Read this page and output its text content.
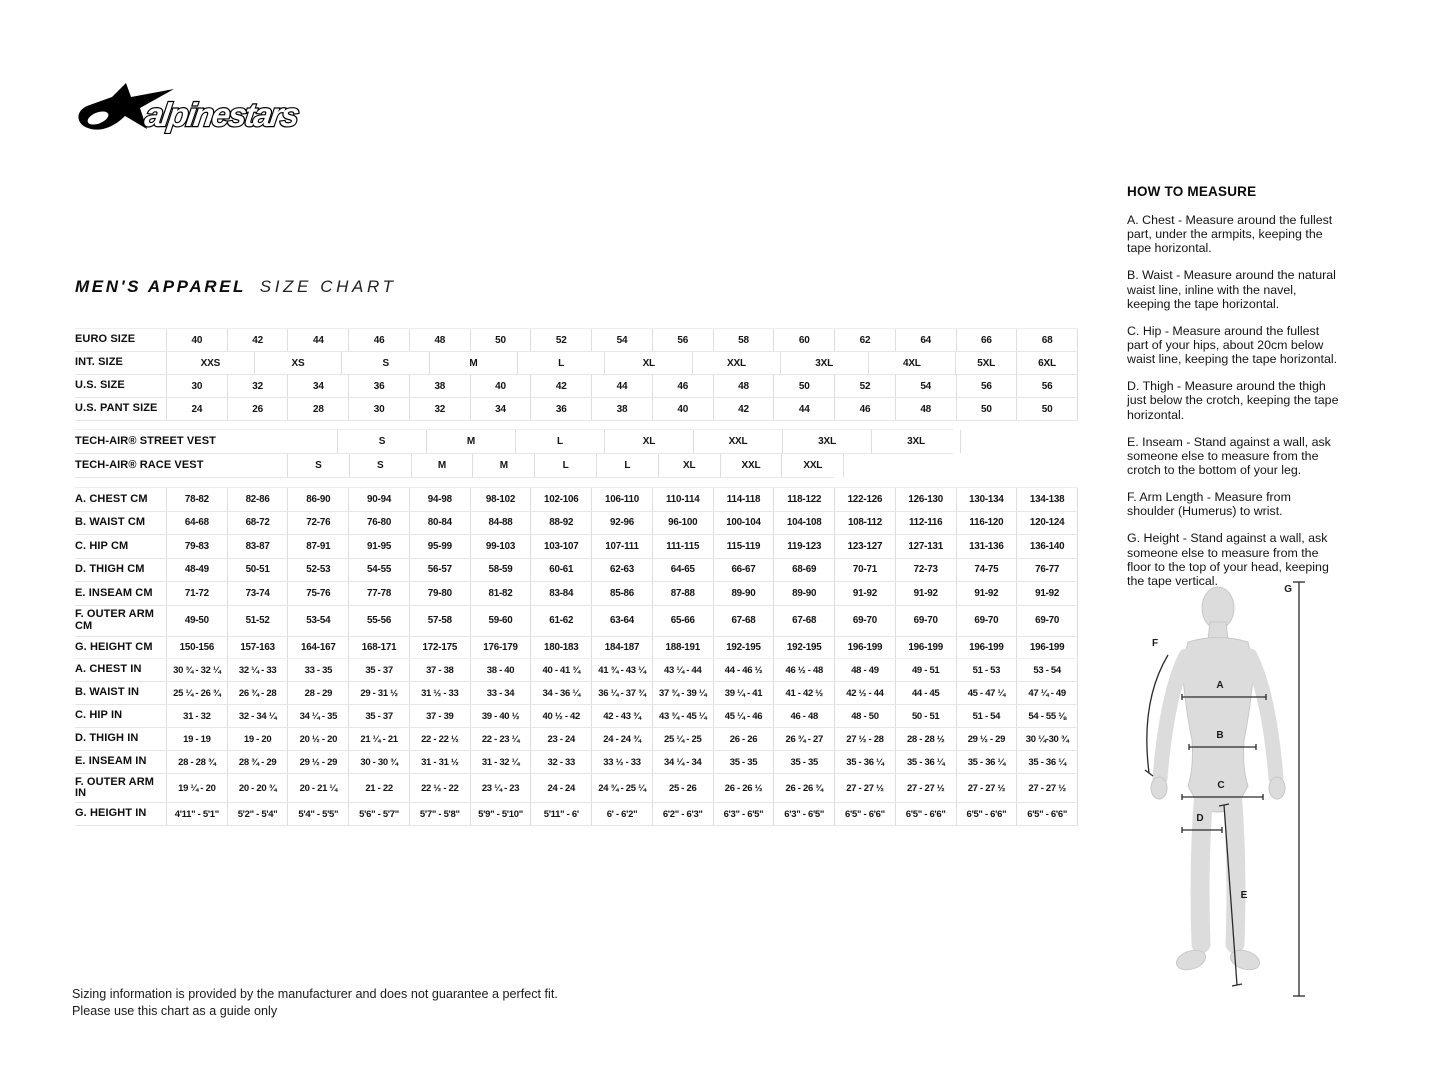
alpinestars
MEN'S APPAREL SIZE CHART
EURO SIZE	40	42	44	46	48	50	52	54	56	58	60	62	64	66	68
INT. SIZE	XXS	XS	S	M	L	XL	XXL	3XL	4XL	5XL	6XL
U.S. SIZE	30	32	34	36	38	40	42	44	46	48	50	52	54	56	56
U.S. PANT SIZE	24	26	28	30	32	34	36	38	40	42	44	46	48	50	50
TECH-AIR® STREET VEST	S	M	L	XL	XXL	3XL	3XL
TECH-AIR® RACE VEST	S	S	M	M	L	L	XL	XXL	XXL
A. CHEST CM	78-82	82-86	86-90	90-94	94-98	98-102	102-106	106-110	110-114	114-118	118-122	122-126	126-130	130-134	134-138
B. WAIST CM	64-68	68-72	72-76	76-80	80-84	84-88	88-92	92-96	96-100	100-104	104-108	108-112	112-116	116-120	120-124
C. HIP CM	79-83	83-87	87-91	91-95	95-99	99-103	103-107	107-111	111-115	115-119	119-123	123-127	127-131	131-136	136-140
D. THIGH CM	48-49	50-51	52-53	54-55	56-57	58-59	60-61	62-63	64-65	66-67	68-69	70-71	72-73	74-75	76-77
E. INSEAM CM	71-72	73-74	75-76	77-78	79-80	81-82	83-84	85-86	87-88	89-90	89-90	91-92	91-92	91-92	91-92
F. OUTER ARM CM	49-50	51-52	53-54	55-56	57-58	59-60	61-62	63-64	65-66	67-68	67-68	69-70	69-70	69-70	69-70
G. HEIGHT CM	150-156	157-163	164-167	168-171	172-175	176-179	180-183	184-187	188-191	192-195	192-195	196-199	196-199	196-199	196-199
A. CHEST IN	30 ¾ - 32 ¼	32 ¼ - 33	33 - 35	35 - 37	37 - 38	38 - 40	40 - 41 ¾	41 ¾ - 43 ¼	43 ¼ - 44	44 - 46 ½	46 ½ - 48	48 - 49	49 - 51	51 - 53	53 - 54
B. WAIST IN	25 ¼ - 26 ¾	26 ¾ - 28	28 - 29	29 - 31 ½	31 ½ - 33	33 - 34	34 - 36 ¼	36 ¼ - 37 ¾	37 ¾ - 39 ¼	39 ¼ - 41	41 - 42 ½	42 ½ - 44	44 - 45	45 - 47 ¼	47 ¼ - 49
C. HIP IN	31 - 32	32 - 34 ¼	34 ¼ - 35	35 - 37	37 - 39	39 - 40 ½	40 ½ - 42	42 - 43 ¾	43 ¾ - 45 ¼	45 ¼ - 46	46 - 48	48 - 50	50 - 51	51 - 54	54 - 55 ⅛
D. THIGH IN	19 - 19	19 - 20	20 ½ - 20	21 ¼ - 21	22 - 22 ½	22 - 23 ¼	23 - 24	24 - 24 ¾	25 ¼ - 25	26 - 26	26 ¾ - 27	27 ½ - 28	28 - 28 ½	29 ½ - 29	30 ¼-30 ¾
E. INSEAM IN	28 - 28 ¾	28 ¾ - 29	29 ½ - 29	30 - 30 ¾	31 - 31 ½	31 - 32 ¼	32 - 33	33 ½ - 33	34 ¼ - 34	35 - 35	35 - 35	35 - 36 ¼	35 - 36 ¼	35 - 36 ¼	35 - 36 ¼
F. OUTER ARM IN	19 ¼ - 20	20 - 20 ¾	20 - 21 ¼	21 - 22	22 ½ - 22	23 ¼ - 23	24 - 24	24 ¾ - 25 ¼	25 - 26	26 - 26 ½	26 - 26 ¾	27 - 27 ½	27 - 27 ½	27 - 27 ½	27 - 27 ½
G. HEIGHT IN	4'11" - 5'1"	5'2" - 5'4"	5'4" - 5'5"	5'6" - 5'7"	5'7" - 5'8"	5'9" - 5'10"	5'11" - 6'	6' - 6'2"	6'2" - 6'3"	6'3" - 6'5"	6'3" - 6'5"	6'5" - 6'6"	6'5" - 6'6"	6'5" - 6'6"	6'5" - 6'6"
HOW TO MEASURE

A. Chest - Measure around the fullest part, under the armpits, keeping the tape horizontal.

B. Waist - Measure around the natural waist line, inline with the navel, keeping the tape horizontal.

C. Hip - Measure around the fullest part of your hips, about 20cm below waist line, keeping the tape horizontal.

D. Thigh - Measure around the thigh just below the crotch, keeping the tape horizontal.

E. Inseam - Stand against a wall, ask someone else to measure from the crotch to the bottom of your leg.

F. Arm Length - Measure from shoulder (Humerus) to wrist.

G. Height - Stand against a wall, ask someone else to measure from the floor to the top of your head, keeping the tape vertical.

A
B
C
D
E
F
G
Sizing information is provided by the manufacturer and does not guarantee a perfect fit.
Please use this chart as a guide only
